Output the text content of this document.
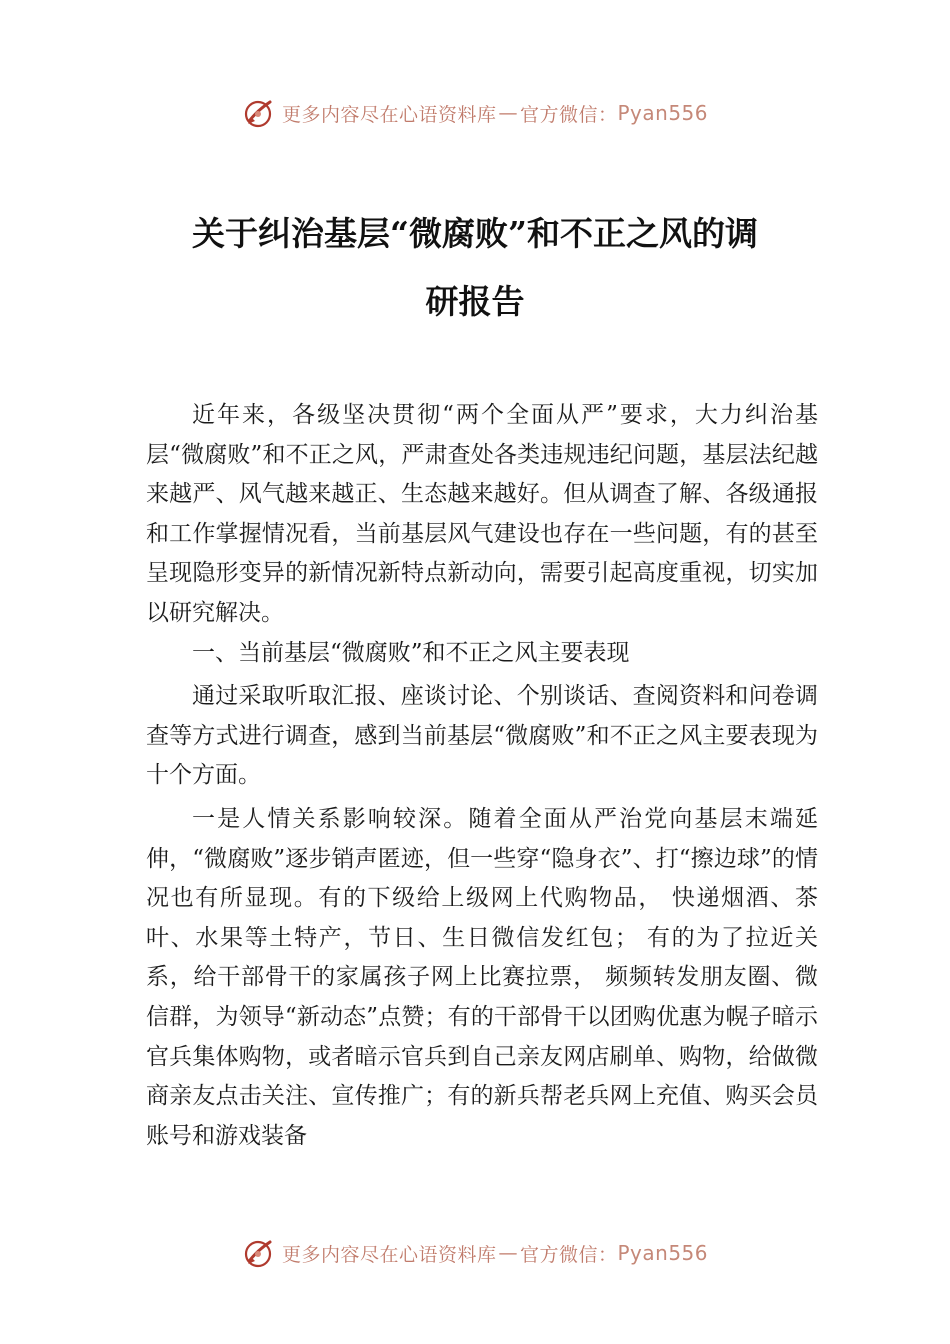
更多内容尽在心语资料库 — 官方微信： Pyan556
关于纠治基层“微腐败”和不正之风的调
研报告

近年来，各级坚决贯彻“两个全面从严”要求，大力纠治基层“微腐败”和不正之风，严肃查处各类违规违纪问题，基层法纪越来越严、风气越来越正、生态越来越好。但从调查了解、各级通报和工作掌握情况看，当前基层风气建设也存在一些问题，有的甚至呈现隐形变异的新情况新特点新动向，需要引起高度重视，切实加以研究解决。

一、当前基层“微腐败”和不正之风主要表现

通过采取听取汇报、座谈讨论、个别谈话、查阅资料和问卷调查等方式进行调查，感到当前基层“微腐败”和不正之风主要表现为十个方面。

一是人情关系影响较深。随着全面从严治党向基层末端延伸，“微腐败”逐步销声匿迹，但一些穿“隐身衣”、打“擦边球”的情况也有所显现。有的下级给上级网上代购物品， 快递烟酒、茶叶、水果等土特产，节日、生日微信发红包； 有的为了拉近关系，给干部骨干的家属孩子网上比赛拉票， 频频转发朋友圈、微信群，为领导“新动态”点赞；有的干部骨干以团购优惠为幌子暗示官兵集体购物，或者暗示官兵到自己亲友网店刷单、购物，给做微商亲友点击关注、宣传推广；有的新兵帮老兵网上充值、购买会员账号和游戏装备

更多内容尽在心语资料库 — 官方微信： Pyan556
